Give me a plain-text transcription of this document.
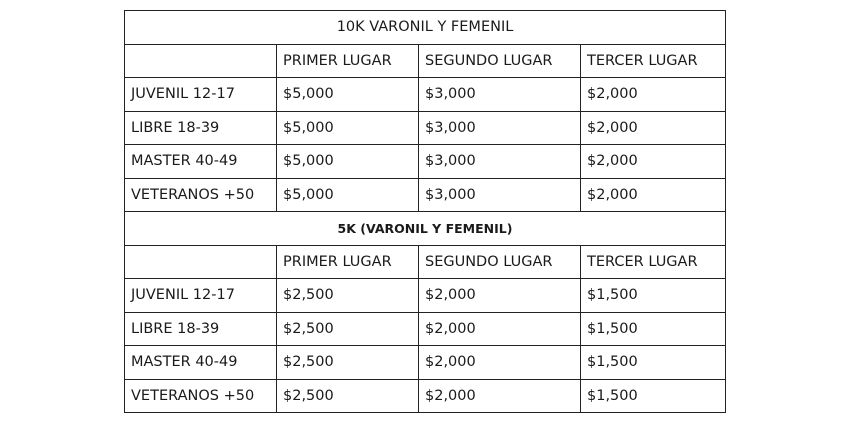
10K VARONIL Y FEMENIL			
	PRIMER LUGAR	SEGUNDO LUGAR	TERCER LUGAR
JUVENIL 12-17	$5,000	$3,000	$2,000
LIBRE 18-39	$5,000	$3,000	$2,000
MASTER 40-49	$5,000	$3,000	$2,000
VETERANOS +50	$5,000	$3,000	$2,000
5K (VARONIL Y FEMENIL)			
	PRIMER LUGAR	SEGUNDO LUGAR	TERCER LUGAR
JUVENIL 12-17	$2,500	$2,000	$1,500
LIBRE 18-39	$2,500	$2,000	$1,500
MASTER 40-49	$2,500	$2,000	$1,500
VETERANOS +50	$2,500	$2,000	$1,500
